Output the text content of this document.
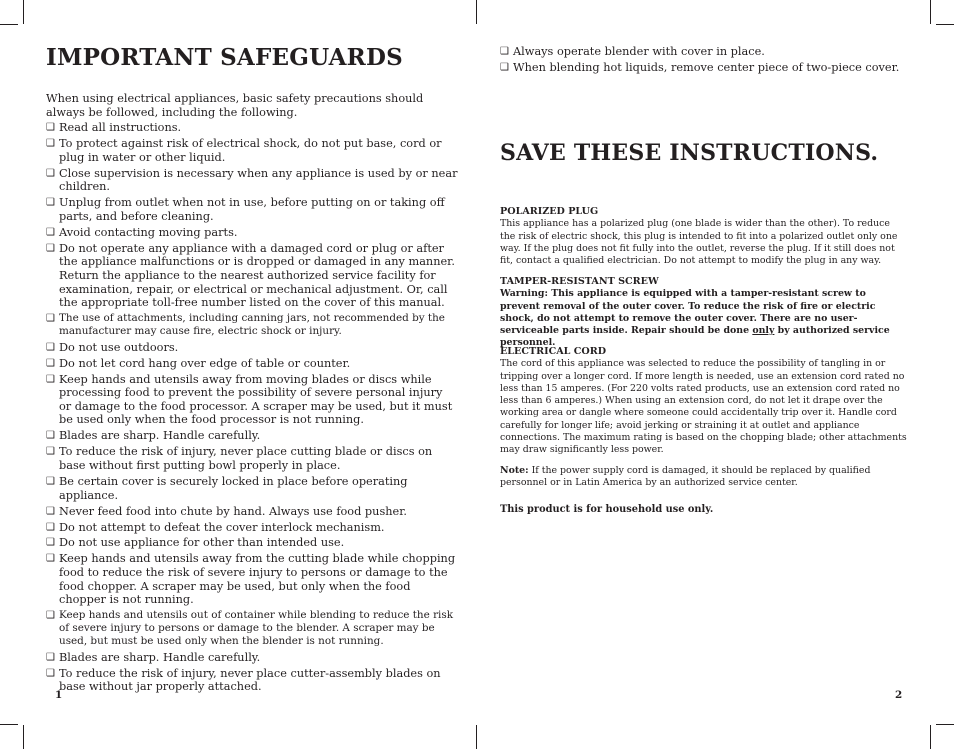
IMPORTANT SAFEGUARDS

When using electrical appliances, basic safety precautions should always be followed, including the following.

❑ Read all instructions.
❑ To protect against risk of electrical shock, do not put base, cord or plug in water or other liquid.
❑ Close supervision is necessary when any appliance is used by or near children.
❑ Unplug from outlet when not in use, before putting on or taking off parts, and before cleaning.
❑ Avoid contacting moving parts.
❑ Do not operate any appliance with a damaged cord or plug or after the appliance malfunctions or is dropped or damaged in any manner. Return the appliance to the nearest authorized service facility for examination, repair, or electrical or mechanical adjustment. Or, call the appropriate toll-free number listed on the cover of this manual.
❑ The use of attachments, including canning jars, not recommended by the manufacturer may cause fire, electric shock or injury.
❑ Do not use outdoors.
❑ Do not let cord hang over edge of table or counter.
❑ Keep hands and utensils away from moving blades or discs while processing food to prevent the possibility of severe personal injury or damage to the food processor. A scraper may be used, but it must be used only when the food processor is not running.
❑ Blades are sharp. Handle carefully.
❑ To reduce the risk of injury, never place cutting blade or discs on base without first putting bowl properly in place.
❑ Be certain cover is securely locked in place before operating appliance.
❑ Never feed food into chute by hand. Always use food pusher.
❑ Do not attempt to defeat the cover interlock mechanism.
❑ Do not use appliance for other than intended use.
❑ Keep hands and utensils away from the cutting blade while chopping food to reduce the risk of severe injury to persons or damage to the food chopper. A scraper may be used, but only when the food chopper is not running.
❑ Keep hands and utensils out of container while blending to reduce the risk of severe injury to persons or damage to the blender. A scraper may be used, but must be used only when the blender is not running.
❑ Blades are sharp. Handle carefully.
❑ To reduce the risk of injury, never place cutter-assembly blades on base without jar properly attached.
1
❑ Always operate blender with cover in place.
❑ When blending hot liquids, remove center piece of two-piece cover.
SAVE THESE INSTRUCTIONS.
POLARIZED PLUG

This appliance has a polarized plug (one blade is wider than the other). To reduce the risk of electric shock, this plug is intended to fit into a polarized outlet only one way. If the plug does not fit fully into the outlet, reverse the plug. If it still does not fit, contact a qualified electrician. Do not attempt to modify the plug in any way.

TAMPER-RESISTANT SCREW

Warning: This appliance is equipped with a tamper-resistant screw to prevent removal of the outer cover. To reduce the risk of fire or electric shock, do not attempt to remove the outer cover. There are no user-serviceable parts inside. Repair should be done only by authorized service personnel.

ELECTRICAL CORD

The cord of this appliance was selected to reduce the possibility of tangling in or tripping over a longer cord. If more length is needed, use an extension cord rated no less than 15 amperes. (For 220 volts rated products, use an extension cord rated no less than 6 amperes.) When using an extension cord, do not let it drape over the working area or dangle where someone could accidentally trip over it. Handle cord carefully for longer life; avoid jerking or straining it at outlet and appliance connections. The maximum rating is based on the chopping blade; other attachments may draw significantly less power.

Note: If the power supply cord is damaged, it should be replaced by qualified personnel or in Latin America by an authorized service center.

This product is for household use only.
2
